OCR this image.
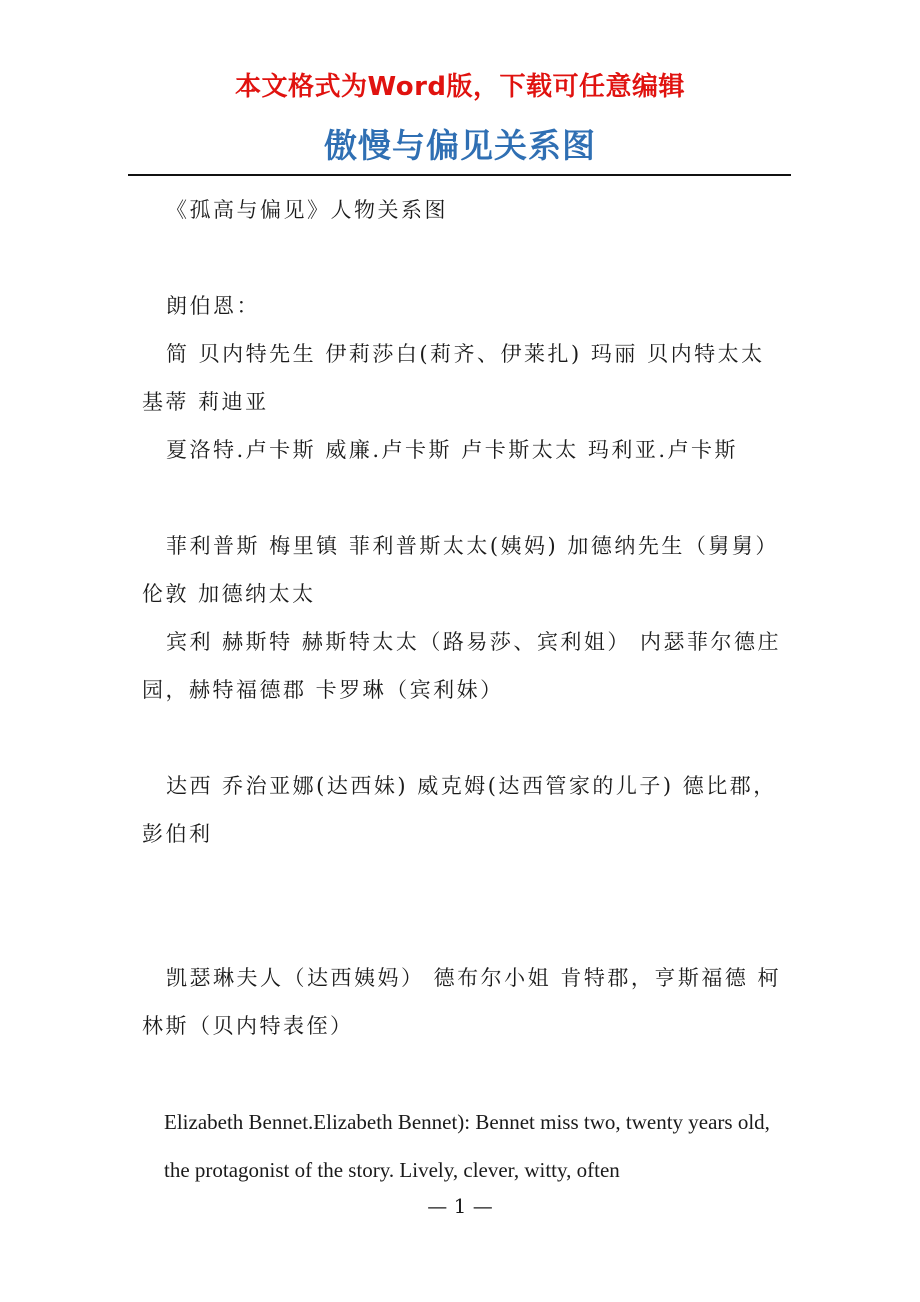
本文格式为Word版，下载可任意编辑
傲慢与偏见关系图

《孤高与偏见》人物关系图

朗伯恩：

简 贝内特先生 伊莉莎白(莉齐、伊莱扎) 玛丽 贝内特太太 基蒂 莉迪亚

夏洛特.卢卡斯 威廉.卢卡斯 卢卡斯太太 玛利亚.卢卡斯

菲利普斯 梅里镇 菲利普斯太太(姨妈) 加德纳先生（舅舅） 伦敦 加德纳太太

宾利 赫斯特 赫斯特太太（路易莎、宾利姐） 内瑟菲尔德庄园，赫特福德郡 卡罗琳（宾利妹）

达西 乔治亚娜(达西妹) 威克姆(达西管家的儿子) 德比郡，彭伯利

凯瑟琳夫人（达西姨妈） 德布尔小姐 肯特郡，亨斯福德 柯林斯（贝内特表侄）

Elizabeth Bennet.Elizabeth Bennet): Bennet miss two, twenty years old, the protagonist of the story. Lively, clever, witty, often

— 1 —
